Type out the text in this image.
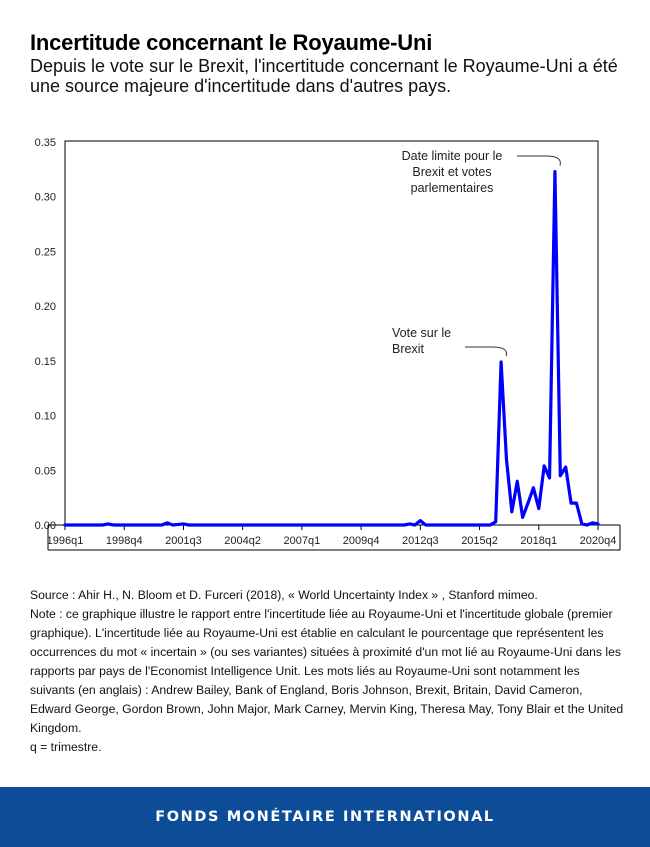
Incertitude concernant le Royaume-Uni

Depuis le vote sur le Brexit, l'incertitude concernant le Royaume-Uni a été une source majeure d'incertitude dans d'autres pays.

0.00
0.05
0.10
0.15
0.20
0.25
0.30
0.35
1996q1 1998q4 2001q3 2004q2 2007q1 2009q4 2012q3 2015q2 2018q1 2020q4
Vote sur le Brexit
Date limite pour le Brexit et votes parlementaires

Source : Ahir H., N. Bloom et D. Furceri (2018), « World Uncertainty Index » , Stanford mimeo.

Note : ce graphique illustre le rapport entre l'incertitude liée au Royaume-Uni et l'incertitude globale (premier graphique). L'incertitude liée au Royaume-Uni est établie en calculant le pourcentage que représentent les occurrences du mot « incertain » (ou ses variantes) situées à proximité d'un mot lié au Royaume-Uni dans les rapports par pays de l'Economist Intelligence Unit. Les mots liés au Royaume-Uni sont notamment les suivants (en anglais) : Andrew Bailey, Bank of England, Boris Johnson, Brexit, Britain, David Cameron, Edward George, Gordon Brown, John Major, Mark Carney, Mervin King, Theresa May, Tony Blair et the United Kingdom.

q = trimestre.

FONDS MONÉTAIRE INTERNATIONAL
